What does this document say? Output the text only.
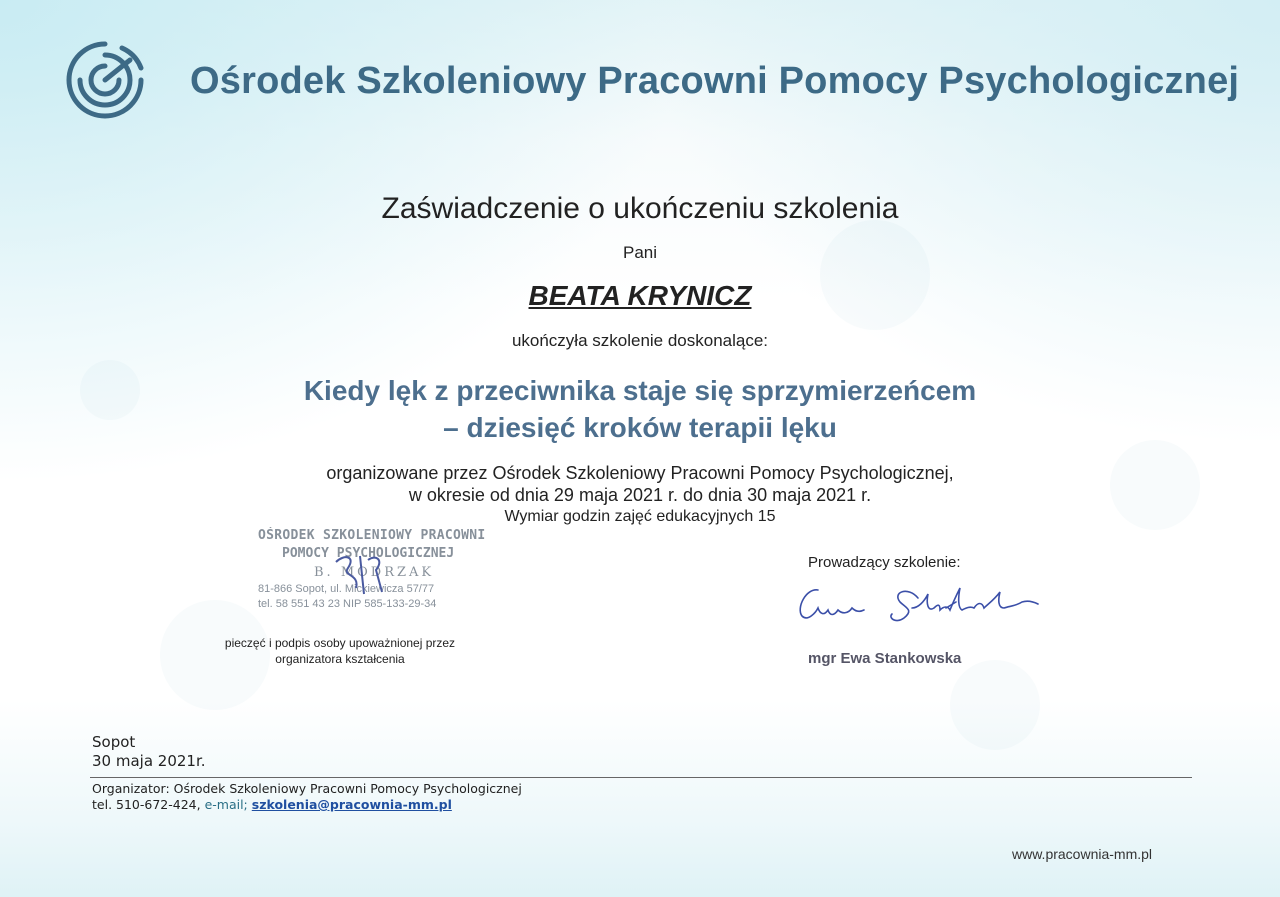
Ośrodek Szkoleniowy Pracowni Pomocy Psychologicznej
Zaświadczenie o ukończeniu szkolenia
Pani
BEATA KRYNICZ
ukończyła szkolenie doskonalące:
Kiedy lęk z przeciwnika staje się sprzymierzeńcem
– dziesięć kroków terapii lęku
organizowane przez Ośrodek Szkoleniowy Pracowni Pomocy Psychologicznej,
w okresie od dnia 29 maja 2021 r. do dnia 30 maja 2021 r.
Wymiar godzin zajęć edukacyjnych 15
OŚRODEK SZKOLENIOWY PRACOWNI
POMOCY PSYCHOLOGICZNEJ
B. MODRZAK
81-866 Sopot, ul. Mickiewicza 57/77
tel. 58 551 43 23 NIP 585-133-29-34
pieczęć i podpis osoby upoważnionej przez
organizatora kształcenia
Prowadzący szkolenie:
mgr Ewa Stankowska
Sopot
30 maja 2021r.
Organizator: Ośrodek Szkoleniowy Pracowni Pomocy Psychologicznej
tel. 510-672-424, e-mail; szkolenia@pracownia-mm.pl
www.pracownia-mm.pl
